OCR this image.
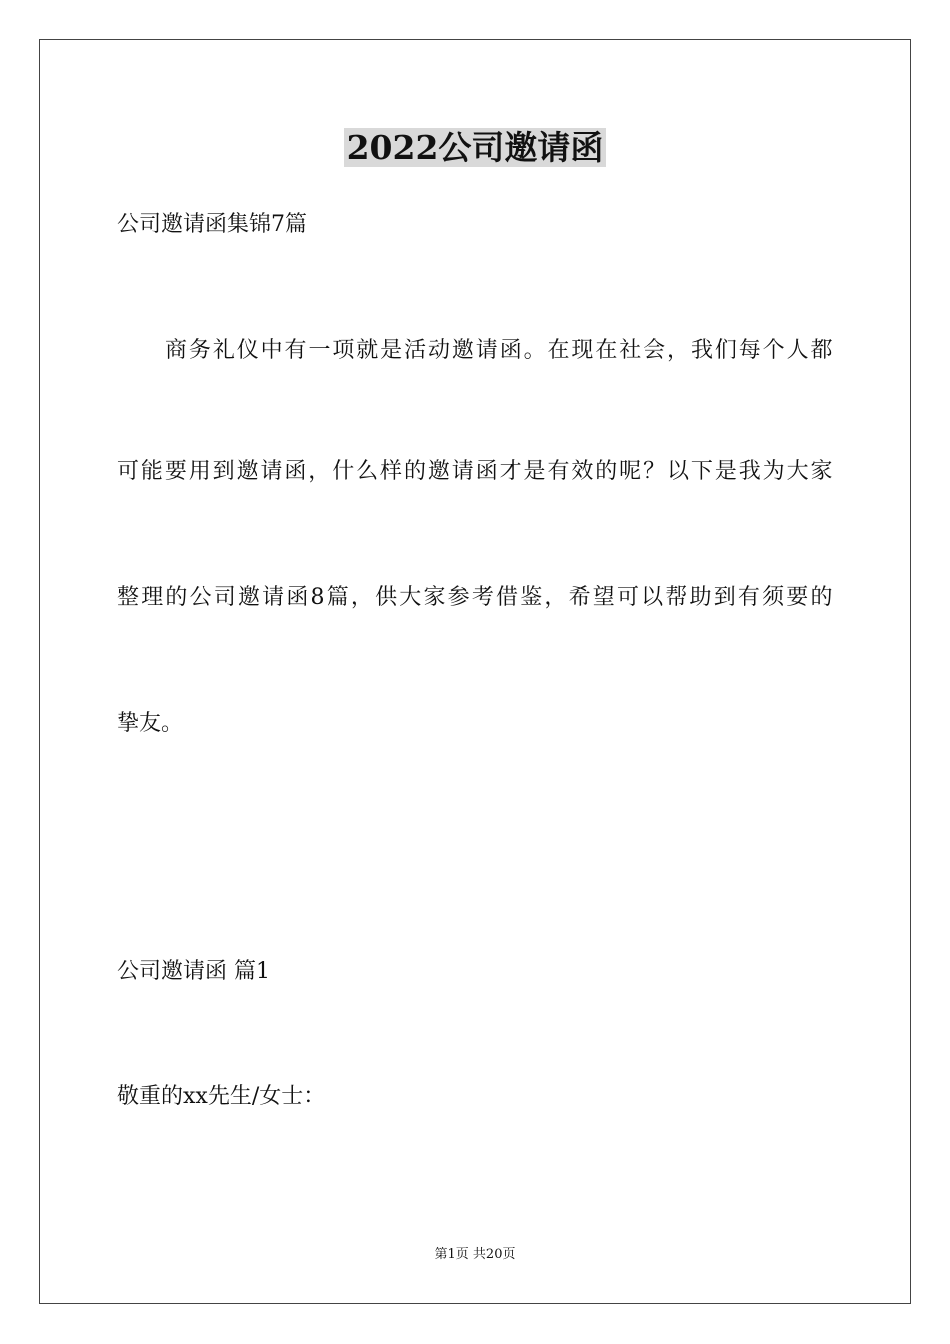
2022公司邀请函
公司邀请函集锦7篇
商务礼仪中有一项就是活动邀请函。在现在社会，我们每个人都
可能要用到邀请函，什么样的邀请函才是有效的呢？以下是我为大家
整理的公司邀请函8篇，供大家参考借鉴，希望可以帮助到有须要的
挚友。
公司邀请函 篇1
敬重的xx先生/女士：
第1页 共20页
